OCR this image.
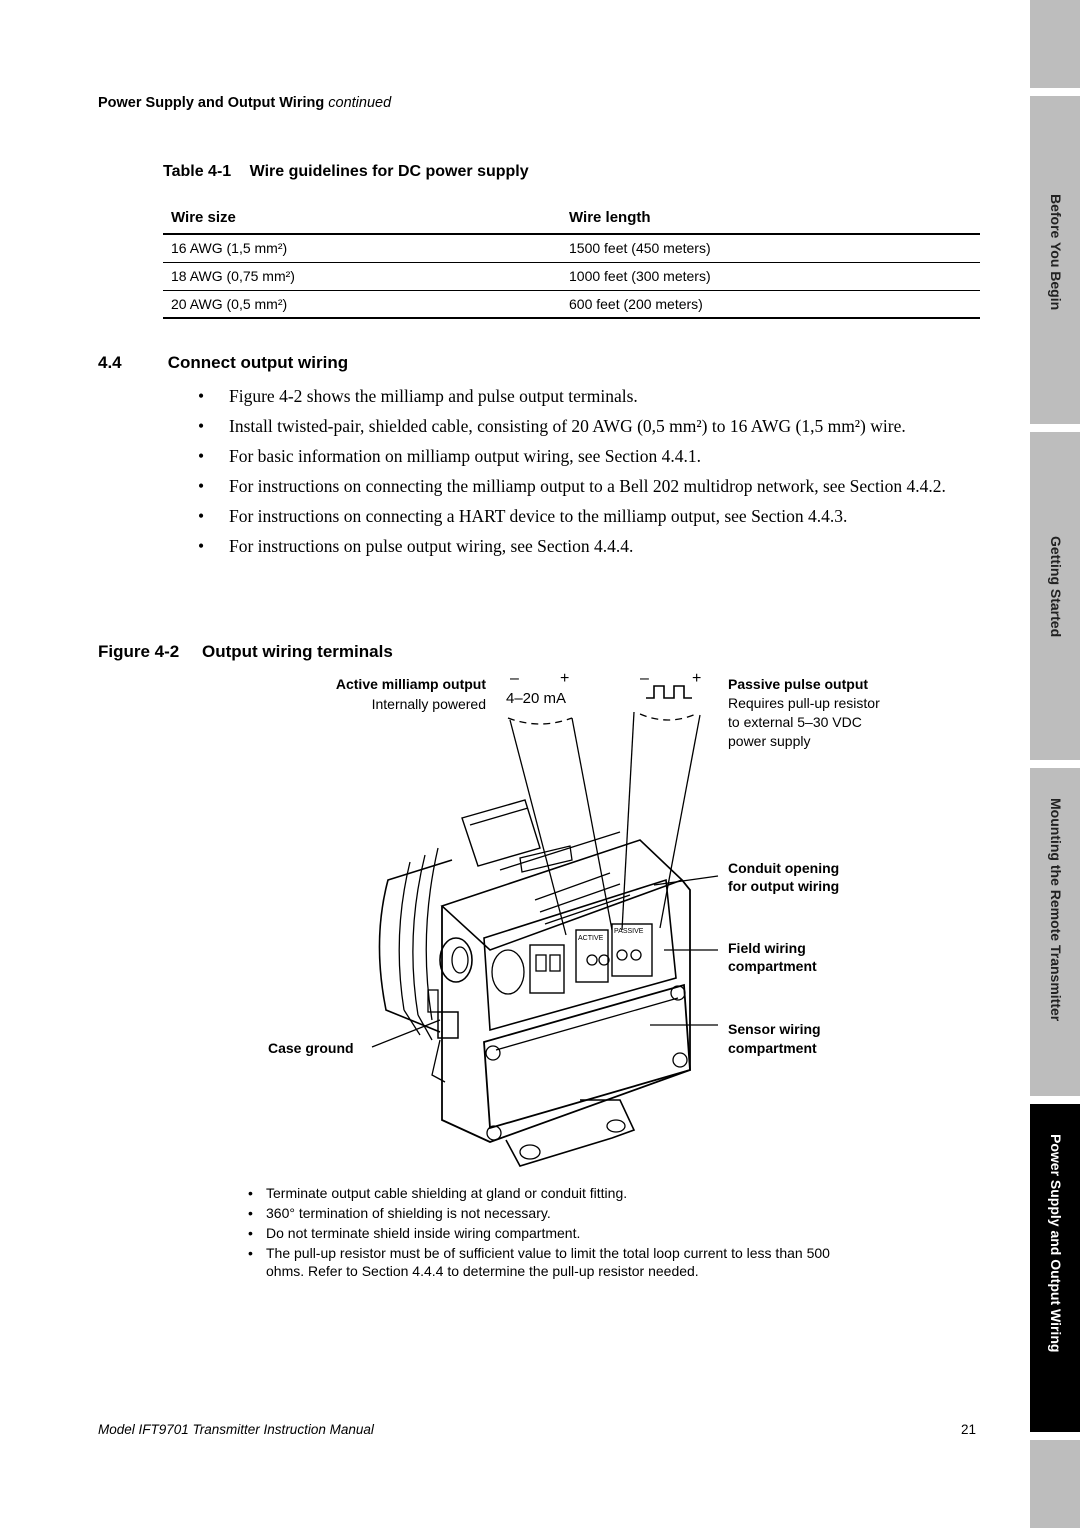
Before You Begin
Getting Started
Mounting the Remote Transmitter
Power Supply and Output Wiring
Power Supply and Output Wiring continued
Table 4-1 Wire guidelines for DC power supply
Wire size	Wire length
16 AWG (1,5 mm²)	1500 feet (450 meters)
18 AWG (0,75 mm²)	1000 feet (300 meters)
20 AWG (0,5 mm²)	600 feet (200 meters)
4.4	Connect output wiring
• Figure 4-2 shows the milliamp and pulse output terminals.
• Install twisted-pair, shielded cable, consisting of 20 AWG (0,5 mm²) to 16 AWG (1,5 mm²) wire.
• For basic information on milliamp output wiring, see Section 4.4.1.
• For instructions on connecting the milliamp output to a Bell 202 multidrop network, see Section 4.4.2.
• For instructions on connecting a HART device to the milliamp output, see Section 4.4.3.
• For instructions on pulse output wiring, see Section 4.4.4.
Figure 4-2 Output wiring terminals
–	+
4–20 mA
–	+
ACTIVE
PASSIVE
Active milliamp output
Internally powered
Passive pulse output
Requires pull-up resistor
to external 5–30 VDC
power supply
Conduit opening
for output wiring
Field wiring
compartment
Sensor wiring
compartment
Case ground
• Terminate output cable shielding at gland or conduit fitting.
• 360° termination of shielding is not necessary.
• Do not terminate shield inside wiring compartment.
• The pull-up resistor must be of sufficient value to limit the total loop current to less than 500 ohms. Refer to Section 4.4.4 to determine the pull-up resistor needed.
Model IFT9701 Transmitter Instruction Manual	21
